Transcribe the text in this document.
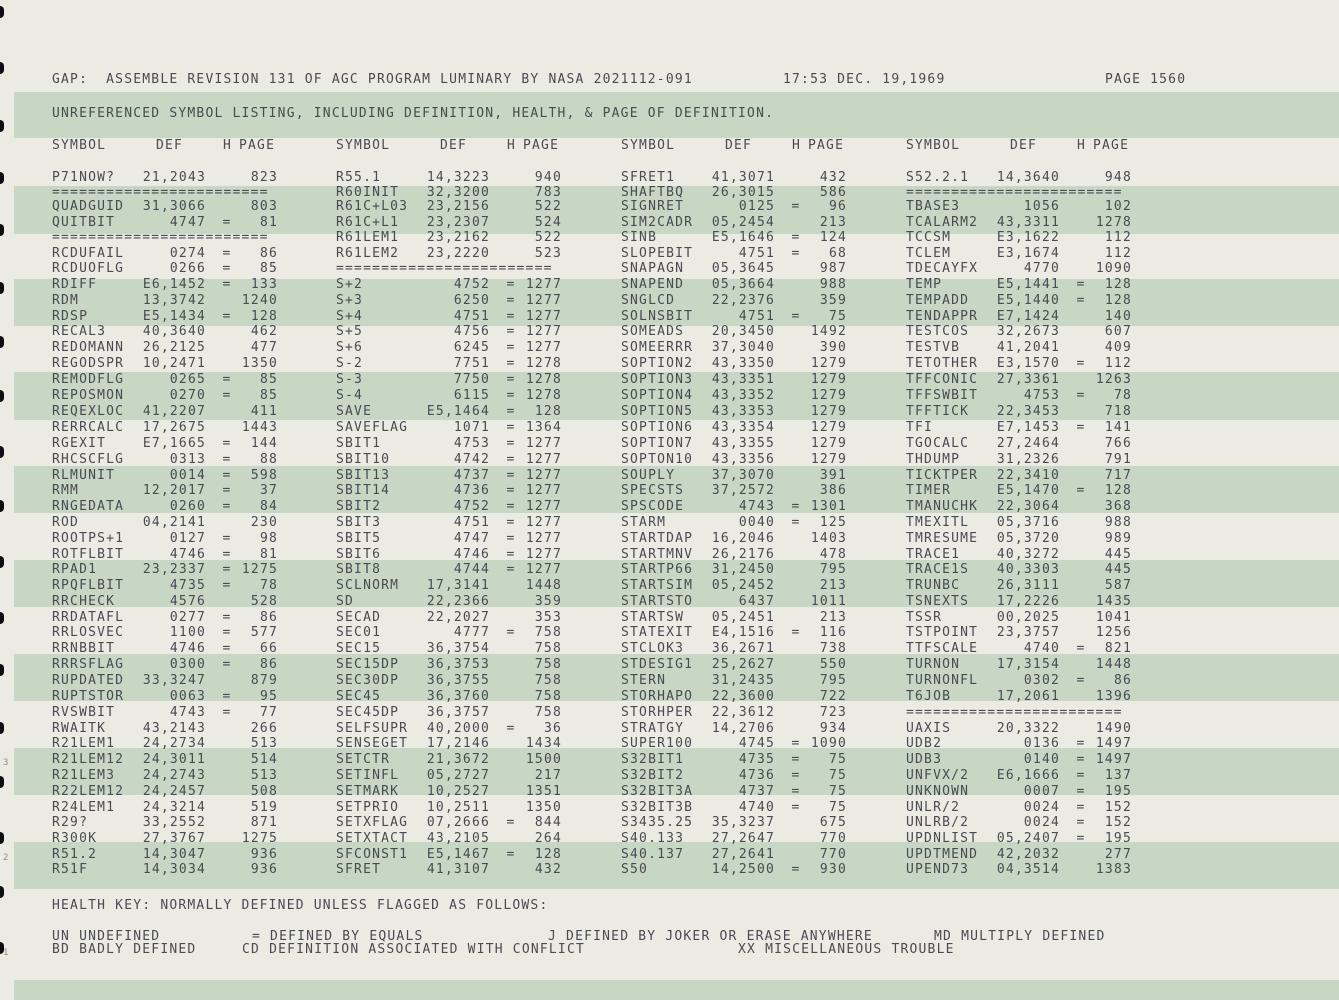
GAP:  ASSEMBLE REVISION 131 OF AGC PROGRAM LUMINARY BY NASA 2021112-091	17:53 DEC. 19,1969	PAGE 1560
UNREFERENCED SYMBOL LISTING, INCLUDING DEFINITION, HEALTH, & PAGE OF DEFINITION.
SYMBOL	DEF	H PAGE
P71NOW?	21,2043	823
========================
QUADGUID	31,3066	803
QUITBIT	4747 =	81
========================
RCDUFAIL	0274 =	86
RCDUOFLG	0266 =	85
RDIFF	E6,1452 =	133
RDM	13,3742	1240
RDSP	E5,1434 =	128
RECAL3	40,3640	462
REDOMANN	26,2125	477
REGODSPR	10,2471	1350
REMODFLG	0265 =	85
REPOSMON	0270 =	85
REQEXLOC	41,2207	411
RERRCALC	17,2675	1443
RGEXIT	E7,1665 =	144
RHCSCFLG	0313 =	88
RLMUNIT	0014 =	598
RMM	12,2017 =	37
RNGEDATA	0260 =	84
ROD	04,2141	230
ROOTPS+1	0127 =	98
ROTFLBIT	4746 =	81
RPAD1	23,2337 = 1275
RPQFLBIT	4735 =	78
RRCHECK	4576	528
RRDATAFL	0277 =	86
RRLOSVEC	1100 =	577
RRNBBIT	4746 =	66
RRRSFLAG	0300 =	86
RUPDATED	33,3247	879
RUPTSTOR	0063 =	95
RVSWBIT	4743 =	77
RWAITK	43,2143	266
R21LEM1	24,2734	513
R21LEM12	24,3011	514
R21LEM3	24,2743	513
R22LEM12	24,2457	508
R24LEM1	24,3214	519
R29?	33,2552	871
R300K	27,3767	1275
R51.2	14,3047	936
R51F	14,3034	936
SYMBOL	DEF	H PAGE
R55.1	14,3223	940
R60INIT	32,3200	783
R61C+L03	23,2156	522
R61C+L1	23,2307	524
R61LEM1	23,2162	522
R61LEM2	23,2220	523
========================
S+2	4752 = 1277
S+3	6250 = 1277
S+4	4751 = 1277
S+5	4756 = 1277
S+6	6245 = 1277
S-2	7751 = 1278
S-3	7750 = 1278
S-4	6115 = 1278
SAVE	E5,1464 =	128
SAVEFLAG	1071 = 1364
SBIT1	4753 = 1277
SBIT10	4742 = 1277
SBIT13	4737 = 1277
SBIT14	4736 = 1277
SBIT2	4752 = 1277
SBIT3	4751 = 1277
SBIT5	4747 = 1277
SBIT6	4746 = 1277
SBIT8	4744 = 1277
SCLNORM	17,3141	1448
SD	22,2366	359
SECAD	22,2027	353
SEC01	4777 =	758
SEC15	36,3754	758
SEC15DP	36,3753	758
SEC30DP	36,3755	758
SEC45	36,3760	758
SEC45DP	36,3757	758
SELFSUPR	40,2000 =	36
SENSEGET	17,2146	1434
SETCTR	21,3672	1500
SETINFL	05,2727	217
SETMARK	10,2527	1351
SETPRIO	10,2511	1350
SETXFLAG	07,2666 =	844
SETXTACT	43,2105	264
SFCONST1	E5,1467 =	128
SFRET	41,3107	432
SYMBOL	DEF	H PAGE
SFRET1	41,3071	432
SHAFTBQ	26,3015	586
SIGNRET	0125 =	96
SIM2CADR	05,2454	213
SINB	E5,1646 =	124
SLOPEBIT	4751 =	68
SNAPAGN	05,3645	987
SNAPEND	05,3664	988
SNGLCD	22,2376	359
SOLNSBIT	4751 =	75
SOMEADS	20,3450	1492
SOMEERRR	37,3040	390
SOPTION2	43,3350	1279
SOPTION3	43,3351	1279
SOPTION4	43,3352	1279
SOPTION5	43,3353	1279
SOPTION6	43,3354	1279
SOPTION7	43,3355	1279
SOPTON10	43,3356	1279
SOUPLY	37,3070	391
SPECSTS	37,2572	386
SPSCODE	4743 = 1301
STARM	0040 =	125
STARTDAP	16,2046	1403
STARTMNV	26,2176	478
STARTP66	31,2450	795
STARTSIM	05,2452	213
STARTSTO	6437	1011
STARTSW	05,2451	213
STATEXIT	E4,1516 =	116
STCLOK3	36,2671	738
STDESIG1	25,2627	550
STERN	31,2435	795
STORHAPO	22,3600	722
STORHPER	22,3612	723
STRATGY	14,2706	934
SUPER100	4745 = 1090
S32BIT1	4735 =	75
S32BIT2	4736 =	75
S32BIT3A	4737 =	75
S32BIT3B	4740 =	75
S3435.25	35,3237	675
S40.133	27,2647	770
S40.137	27,2641	770
S50	14,2500 =	930
SYMBOL	DEF	H PAGE
S52.2.1	14,3640	948
========================
TBASE3	1056	102
TCALARM2	43,3311	1278
TCCSM	E3,1622	112
TCLEM	E3,1674	112
TDECAYFX	4770	1090
TEMP	E5,1441 =	128
TEMPADD	E5,1440 =	128
TENDAPPR	E7,1424	140
TESTCOS	32,2673	607
TESTVB	41,2041	409
TETOTHER	E3,1570 =	112
TFFCONIC	27,3361	1263
TFFSWBIT	4753 =	78
TFFTICK	22,3453	718
TFI	E7,1453 =	141
TGOCALC	27,2464	766
THDUMP	31,2326	791
TICKTPER	22,3410	717
TIMER	E5,1470 =	128
TMANUCHK	22,3064	368
TMEXITL	05,3716	988
TMRESUME	05,3720	989
TRACE1	40,3272	445
TRACE1S	40,3303	445
TRUNBC	26,3111	587
TSNEXTS	17,2226	1435
TSSR	00,2025	1041
TSTPOINT	23,3757	1256
TTFSCALE	4740 =	821
TURNON	17,3154	1448
TURNONFL	0302 =	86
T6JOB	17,2061	1396
========================
UAXIS	20,3322	1490
UDB2	0136 = 1497
UDB3	0140 = 1497
UNFVX/2	E6,1666 =	137
UNKNOWN	0007 =	195
UNLR/2	0024 =	152
UNLRB/2	0024 =	152
UPDNLIST	05,2407 =	195
UPDTMEND	42,2032	277
UPEND73	04,3514	1383
HEALTH KEY: NORMALLY DEFINED UNLESS FLAGGED AS FOLLOWS:
UN UNDEFINED	= DEFINED BY EQUALS	J DEFINED BY JOKER OR ERASE ANYWHERE	MD MULTIPLY DEFINED
BD BADLY DEFINED	CD DEFINITION ASSOCIATED WITH CONFLICT	XX MISCELLANEOUS TROUBLE
3
2
1
